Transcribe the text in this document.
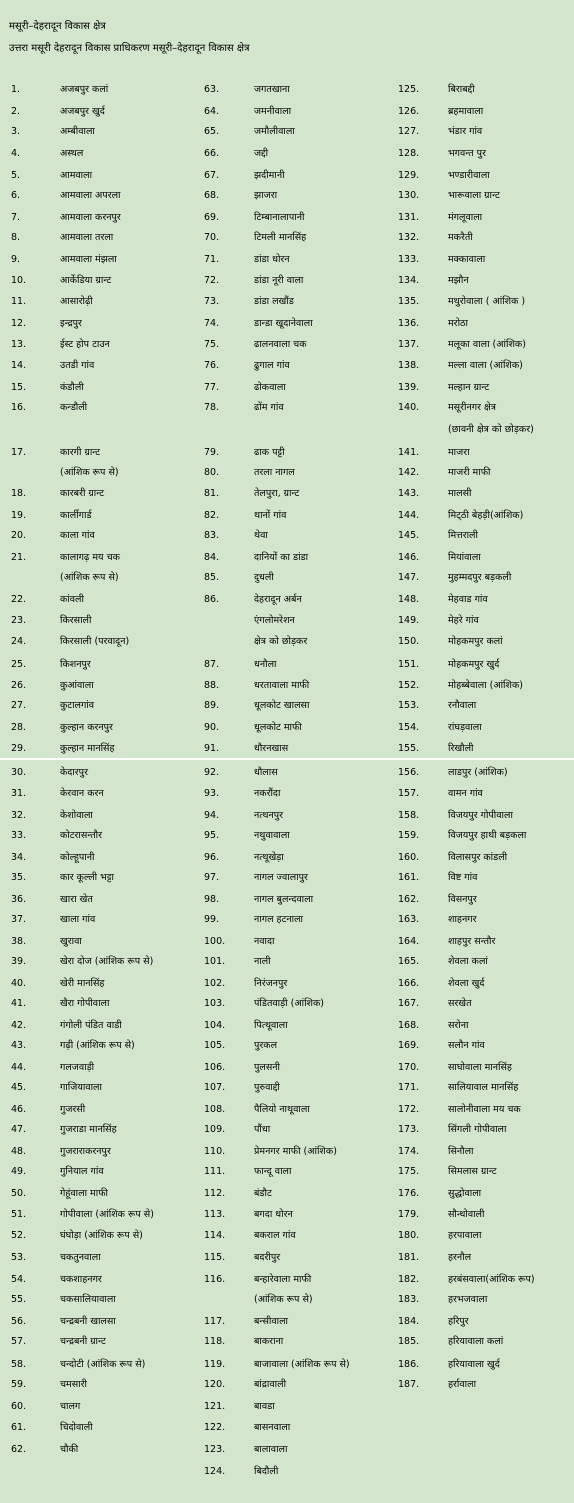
मसूरी–देहरादून विकास क्षेत्र
उत्तरा मसूरी देहरादून विकास प्राधिकरण मसूरी–देहरादून विकास क्षेत्र
1.	अजबपुर कलां	63.	जगतखाना	125.	बिराबद्दी
2.	अजबपुर खुर्द	64.	जमनीवाला	126.	ब्रहमावाला
3.	अम्बीवाला	65.	जमौलीवाला	127.	भंडार गांव
4.	अस्थल	66.	जद्दी	128.	भगवन्त पुर
5.	आमवाला	67.	झदीमानी	129.	भण्डारीवाला
6.	आमवाला अपरला	68.	झाजरा	130.	भारूवाला ग्रान्ट
7.	आमवाला करनपुर	69.	टिम्बानालापानी	131.	मंगलूवाला
8.	आमवाला तरला	70.	टिमली मानसिंह	132.	मकरैती
9.	आमवाला मंझला	71.	डांडा धोरन	133.	मक्कावाला
10.	आर्केडिया ग्रान्ट	72.	डांडा नूरी वाला	134.	मझौन
11.	आसारोढ़ी	73.	डांडा लखौंड	135.	मथुरोवाला ( आंशिक )
12.	इन्द्रपुर	74.	डान्डा खूदानेवाला	136.	मरोठा
13.	ईस्ट होप टाउन	75.	ढालनवाला चक	137.	मलूका वाला (आंशिक)
14.	उतडी गांव	76.	ढुगाल गांव	138.	मल्ला वाला (आंशिक)
15.	कंडौली	77.	ढोकवाला	139.	मल्हान ग्रान्ट
16.	कन्डौली	78.	ढोंम गांव	140.	मसूरीनगर क्षेत्र
(छावनी क्षेत्र को छोड़कर)
17.	कारगी ग्रान्ट	79.	ढाक पट्टी	141.	माजरा
(आंशिक रूप से)	80.	तरला नागल	142.	माजरी माफी
18.	कारबरी ग्रान्ट	81.	तेलपुरा, ग्रान्ट	143.	मालसी
19.	कार्लीगार्ड	82.	थानों गांव	144.	मिट्‌ठी बेहड़ी(आंशिक)
20.	काला गांव	83.	थेवा	145.	मित्तराली
21.	कालागढ़ मय चक	84.	दानियों का डांडा	146.	मियांवाला
(आंशिक रूप से)	85.	दुधली	147.	मुहम्मदपुर बड़कली
22.	कांवली	86.	देहरादून अर्बन	148.	मेहवाड गांव
23.	किरसाली	एंगलोमरेशन	149.	मेहरे गांव
24.	किरसाली (परवादून)	क्षेत्र को छोड़कर	150.	मोहकमपुर कलां
25.	किशनपुर	87.	धनौला	151.	मोहकमपुर खुर्द
26.	कुआंवाला	88.	धरतावाला माफी	152.	मोहब्बेवाला (आंशिक)
27.	कुटालगांव	89.	धूलकोट खालसा	153.	रनौवाला
28.	कुल्हान करनपुर	90.	धूलकोट माफी	154.	रांघड़वाला
29.	कुल्हान मानसिंह	91.	धौरनखास	155.	रिखौली
30.	केदारपुर	92.	धौलास	156.	लाडपुर (आंशिक)
31.	केरवान करन	93.	नकरौंदा	157.	वामन गांव
32.	केशोवाला	94.	नत्थनपुर	158.	विजयपुर गोपीवाला
33.	कोटरासन्तौर	95.	नथुवावाला	159.	विजयपुर हाथी बड़कला
34.	कोल्हूपानी	96.	नत्थूखेड़ा	160.	विलासपुर कांडली
35.	कार कूल्ली भट्टा	97.	नागल ज्वालापुर	161.	विष्ट गांव
36.	खारा खेत	98.	नागल बुलन्दवाला	162.	विसनपुर
37.	खाला गांव	99.	नागल हटनाला	163.	शाहनगर
38.	खुरावा	100.	नवादा	164.	शाहपुर सन्तौर
39.	खेरा दोज (आंशिक रूप से)	101.	नाली	165.	शेवला कलां
40.	खेरी मानसिंह	102.	निरंजनपुर	166.	शेवला खुर्द
41.	खैरा गोपीवाला	103.	पंडितवाड़ी (आंशिक)	167.	सरखेत
42.	गंगोली पंडित वाडी	104.	पित्थूवाला	168.	सरोना
43.	गढ़ी (आंशिक रूप से)	105.	पुरकल	169.	सलौन गांव
44.	गलजवाड़ी	106.	पुलसनी	170.	साघोवाला मानसिंह
45.	गाजियावाला	107.	पुरुवाद्दी	171.	सालियावाल मानसिंह
46.	गुजरसी	108.	पैलियो नाथूवाला	172.	सालोनीवाला मय चक
47.	गुजराडा मानसिंह	109.	पौंधा	173.	सिंगली गोपीवाला
48.	गुजराराकरनपुर	110.	प्रेमनगर माफी (आंशिक)	174.	सिनौला
49.	गुनियाल गांव	111.	फान्दू वाला	175.	सिमलास ग्रान्ट
50.	गेहूंवाला माफी	112.	बंडौट	176.	सुद्धोवाला
51.	गोपीवाला (आंशिक रूप से)	113.	बगदा धोरन	179.	सौन्धोवाली
52.	घंघोड़ा (आंशिक रूप से)	114.	बकराल गांव	180.	हरपावाला
53.	चकतुनवाला	115.	बदरीपुर	181.	हरनौल
54.	चकशाहनगर	116.	बन्हारेवाला माफी	182.	हरबंसवाला(आंशिक रूप)
55.	चकसालियावाला	(आंशिक रूप से)	183.	हरभजवाला
56.	चन्द्रबनी खालसा	117.	बन्सीवाला	184.	हरिपुर
57.	चन्द्रबनी ग्रान्ट	118.	बाकराना	185.	हरियावाला कलां
58.	चन्दोटी (आंशिक रूप से)	119.	बाजावाला (आंशिक रूप से)	186.	हरियावाला खुर्द
59.	चमसारी	120.	बांद्रावाली	187.	हर्रावाला
60.	चालग	121.	बावडा
61.	चिदोवाली	122.	बासनवाला
62.	चौकी	123.	बालावाला
124.	बिदौली
